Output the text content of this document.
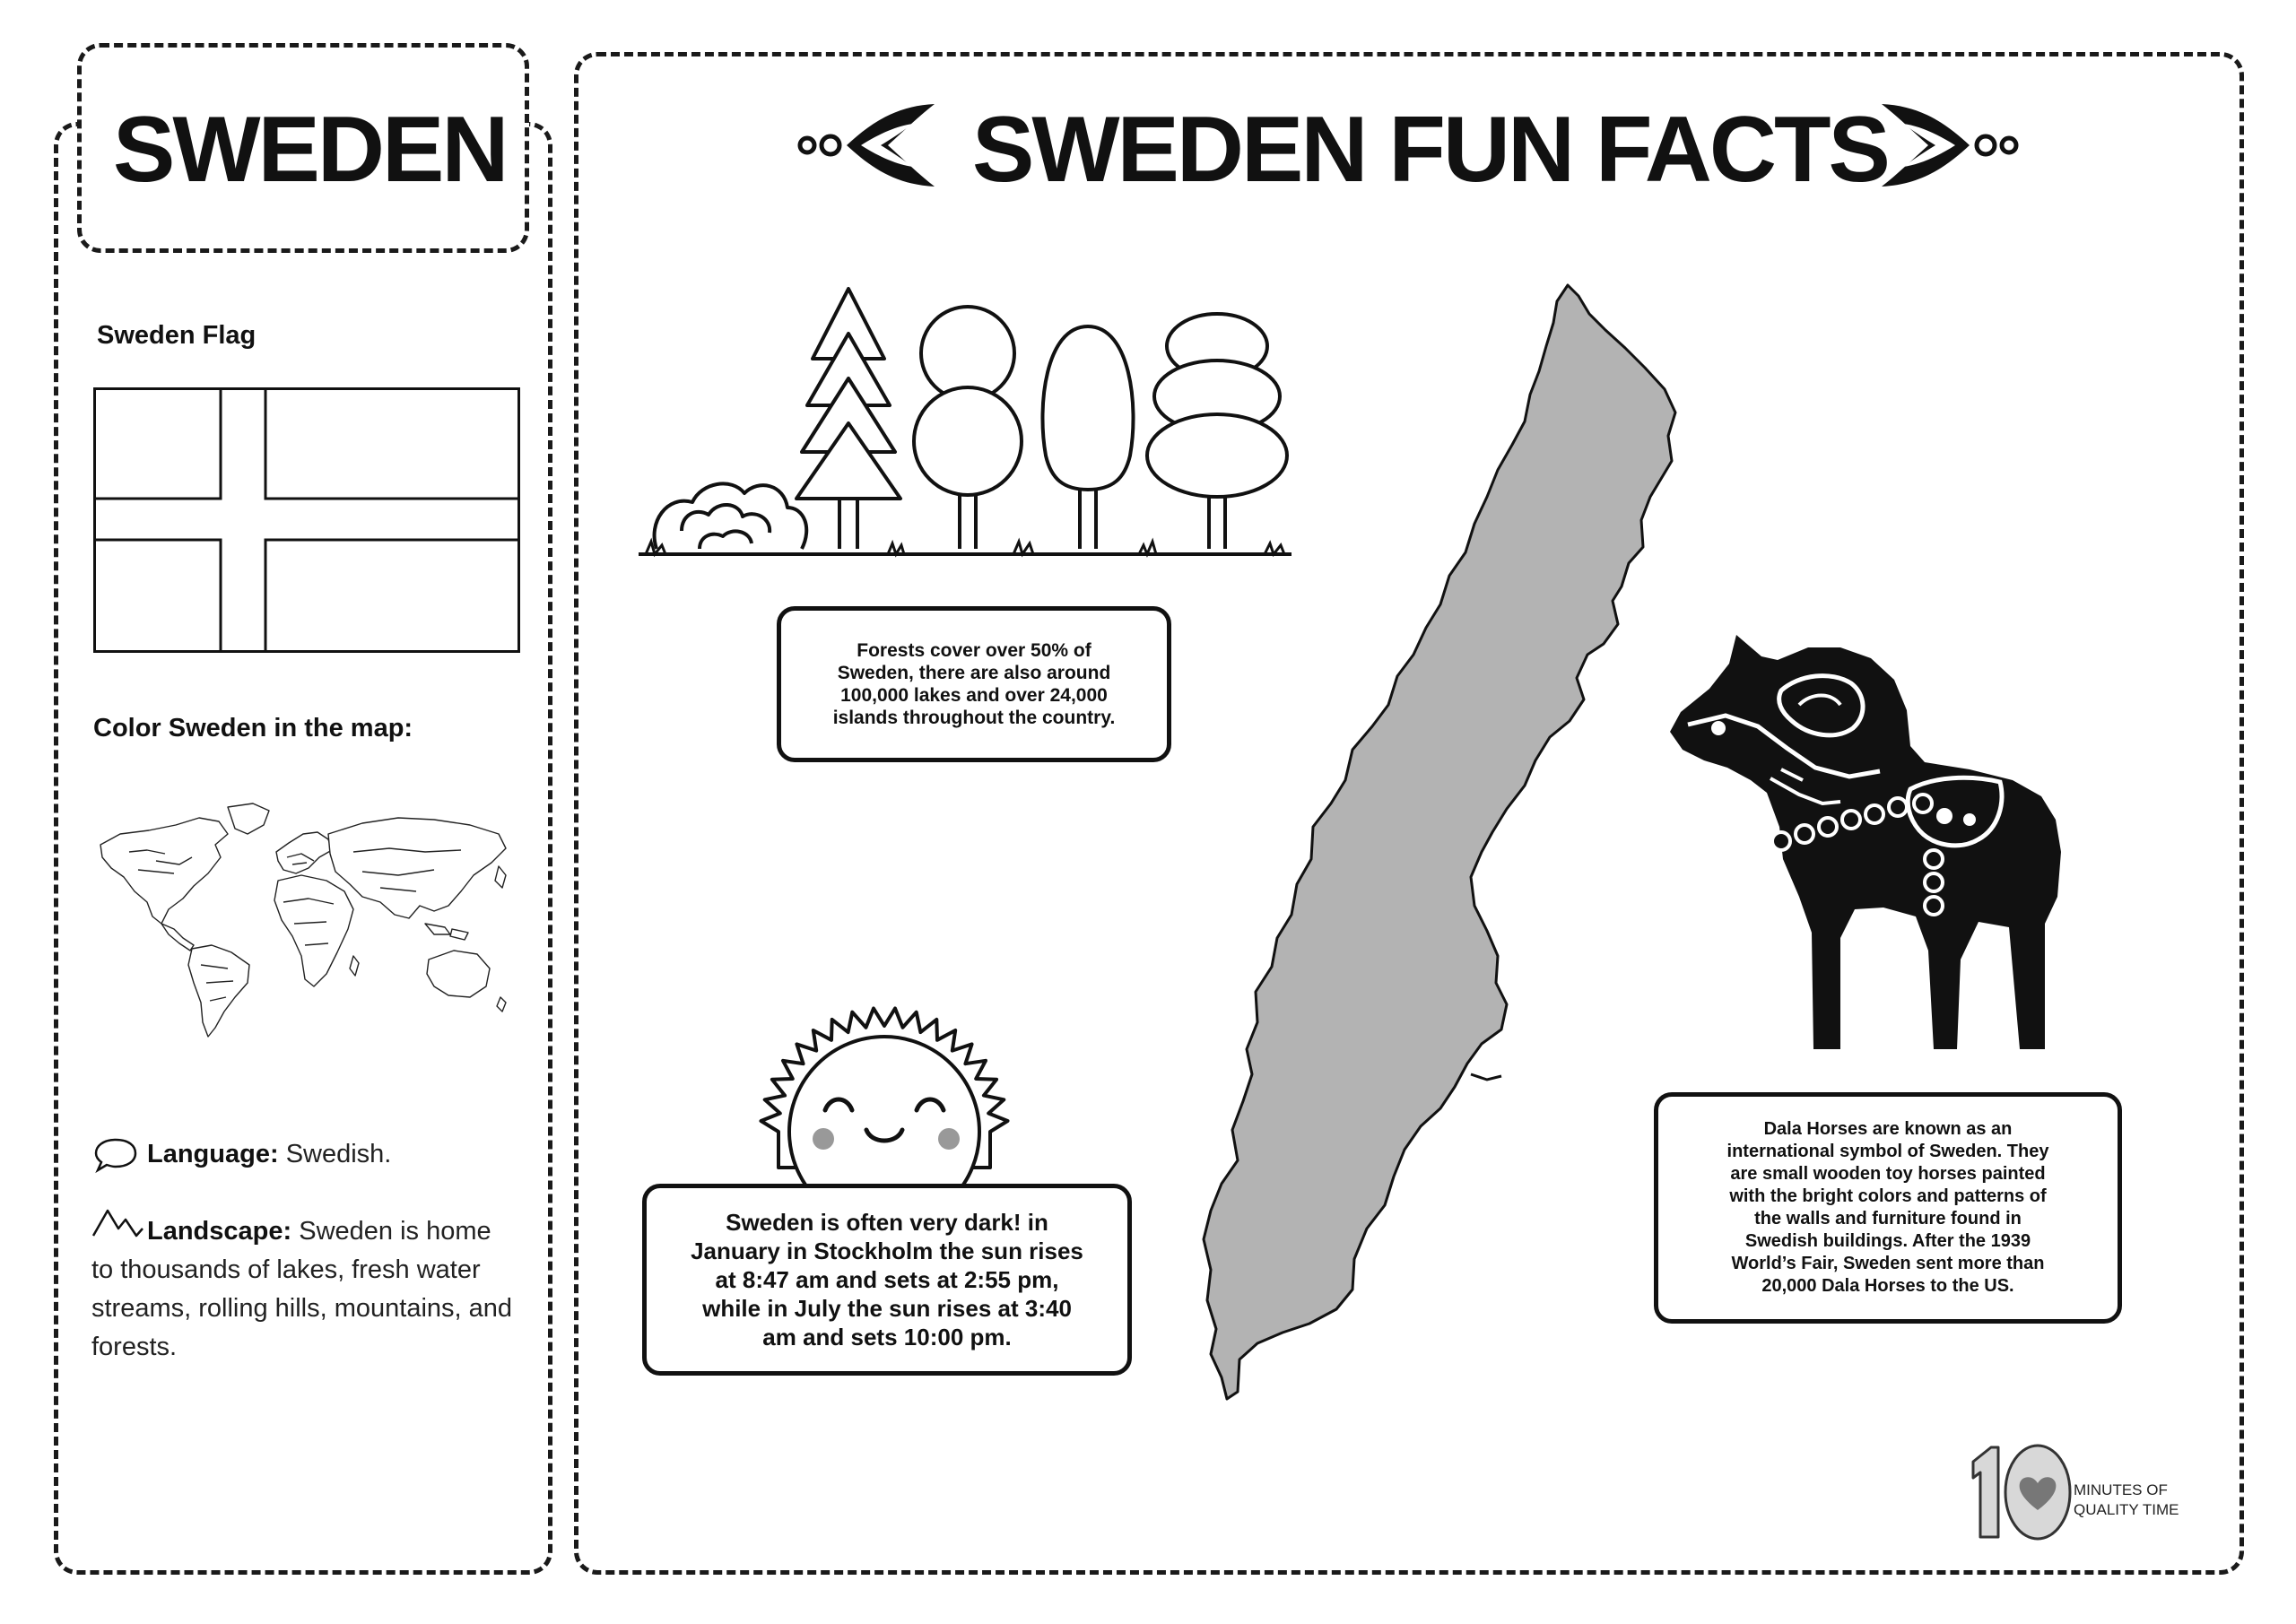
SWEDEN
Sweden Flag
Color Sweden in the map:
Language: Swedish.
Landscape: Sweden is home
to thousands of lakes, fresh water
streams, rolling hills, mountains, and
forests.
SWEDEN FUN FACTS
Forests cover over 50% of
Sweden, there are also around
100,000 lakes and over 24,000
islands throughout the country.
Sweden is often very dark! in
January in Stockholm the sun rises
at 8:47 am and sets at 2:55 pm,
while in July the sun rises at 3:40
am and sets 10:00 pm.
Dala Horses are known as an
international symbol of Sweden. They
are small wooden toy horses painted
with the bright colors and patterns of
the walls and furniture found in
Swedish buildings. After the 1939
World’s Fair, Sweden sent more than
20,000 Dala Horses to the US.
MINUTES OF
QUALITY TIME
